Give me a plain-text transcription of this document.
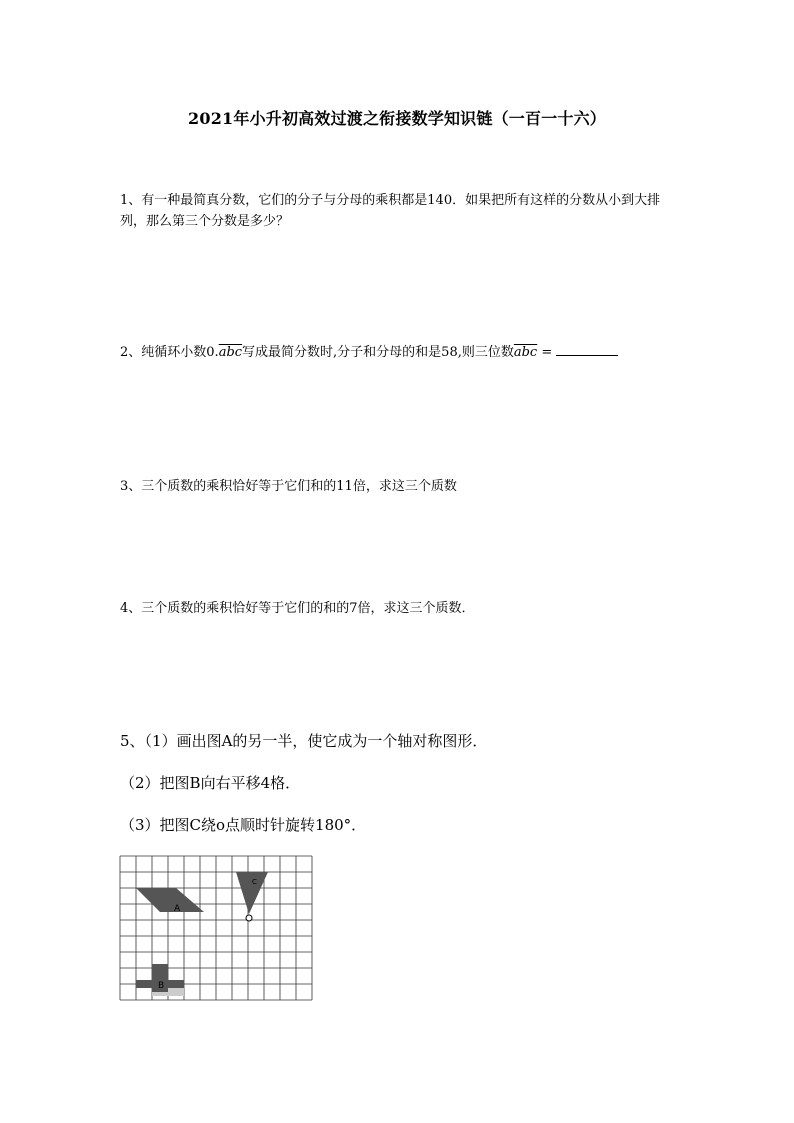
2021年小升初高效过渡之衔接数学知识链（一百一十六）
1、有一种最简真分数，它们的分子与分母的乘积都是140．如果把所有这样的分数从小到大排列，那么第三个分数是多少？
2、纯循环小数$0.\overline{abc}$写成最简分数时,分子和分母的和是58,则三位数$\overline{abc}$ =
3、三个质数的乘积恰好等于它们和的11倍，求这三个质数
4、三个质数的乘积恰好等于它们的和的7倍，求这三个质数．
5、（1）画出图A的另一半，使它成为一个轴对称图形．
（2）把图B向右平移4格．
（3）把图C绕o点顺时针旋转180°．
A
B
C
